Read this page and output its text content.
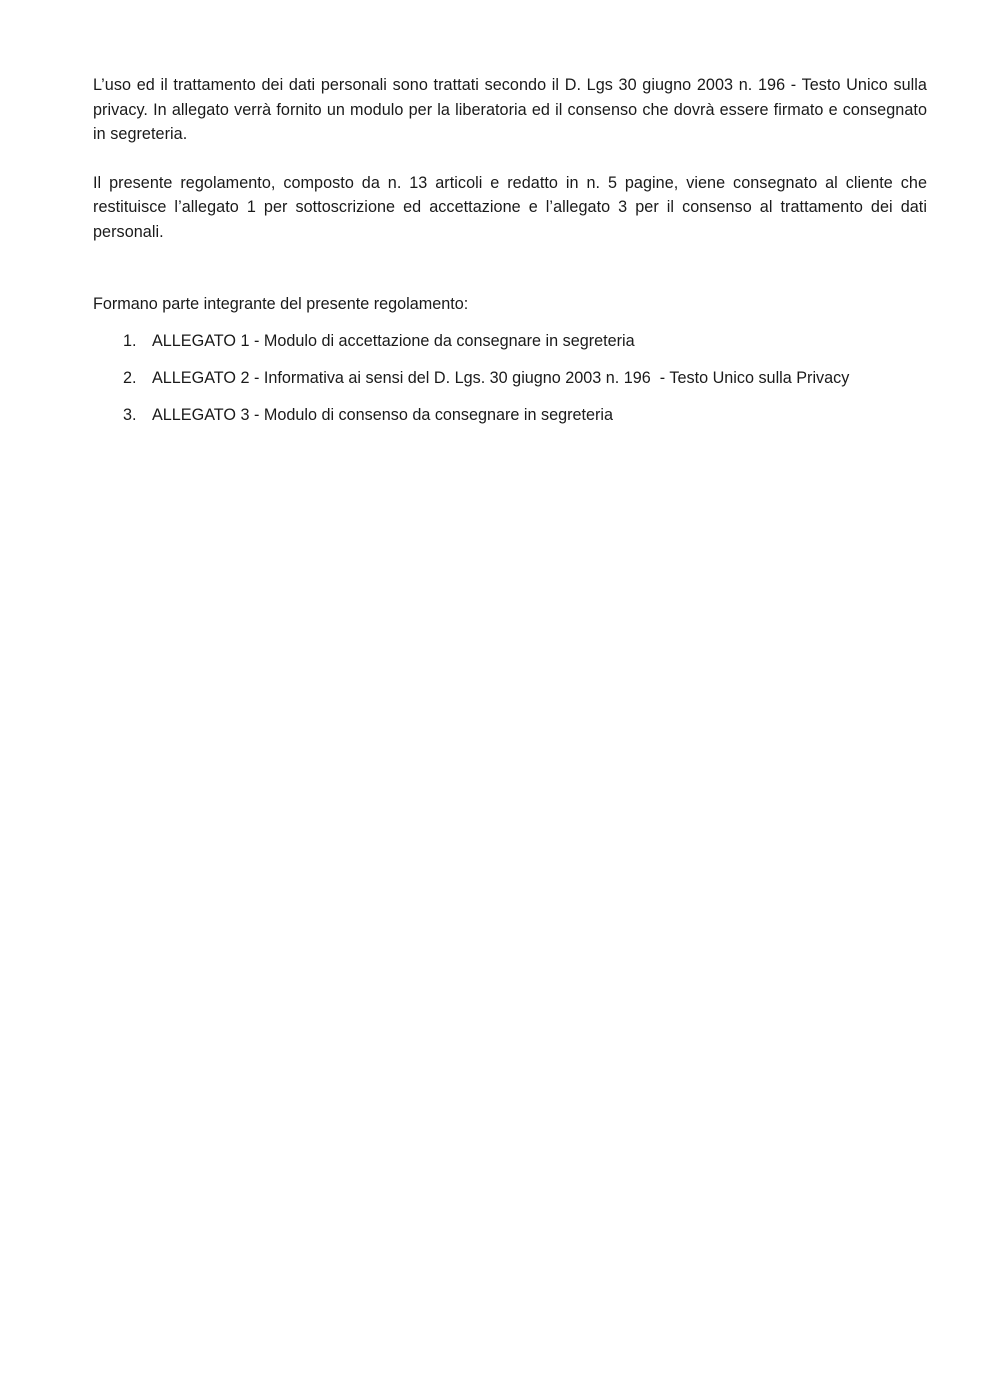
L’uso ed il trattamento dei dati personali sono trattati secondo il D. Lgs 30 giugno 2003 n. 196 - Testo Unico sulla privacy. In allegato verrà fornito un modulo per la liberatoria ed il consenso che dovrà essere firmato e consegnato in segreteria.

Il presente regolamento, composto da n. 13 articoli e redatto in n. 5 pagine, viene consegnato al cliente che restituisce l’allegato 1 per sottoscrizione ed accettazione e l’allegato 3 per il consenso al trattamento dei dati personali.

Formano parte integrante del presente regolamento:

1. ALLEGATO 1 - Modulo di accettazione da consegnare in segreteria
2. ALLEGATO 2 - Informativa ai sensi del D. Lgs. 30 giugno 2003 n. 196  - Testo Unico sulla Privacy
3. ALLEGATO 3 - Modulo di consenso da consegnare in segreteria
